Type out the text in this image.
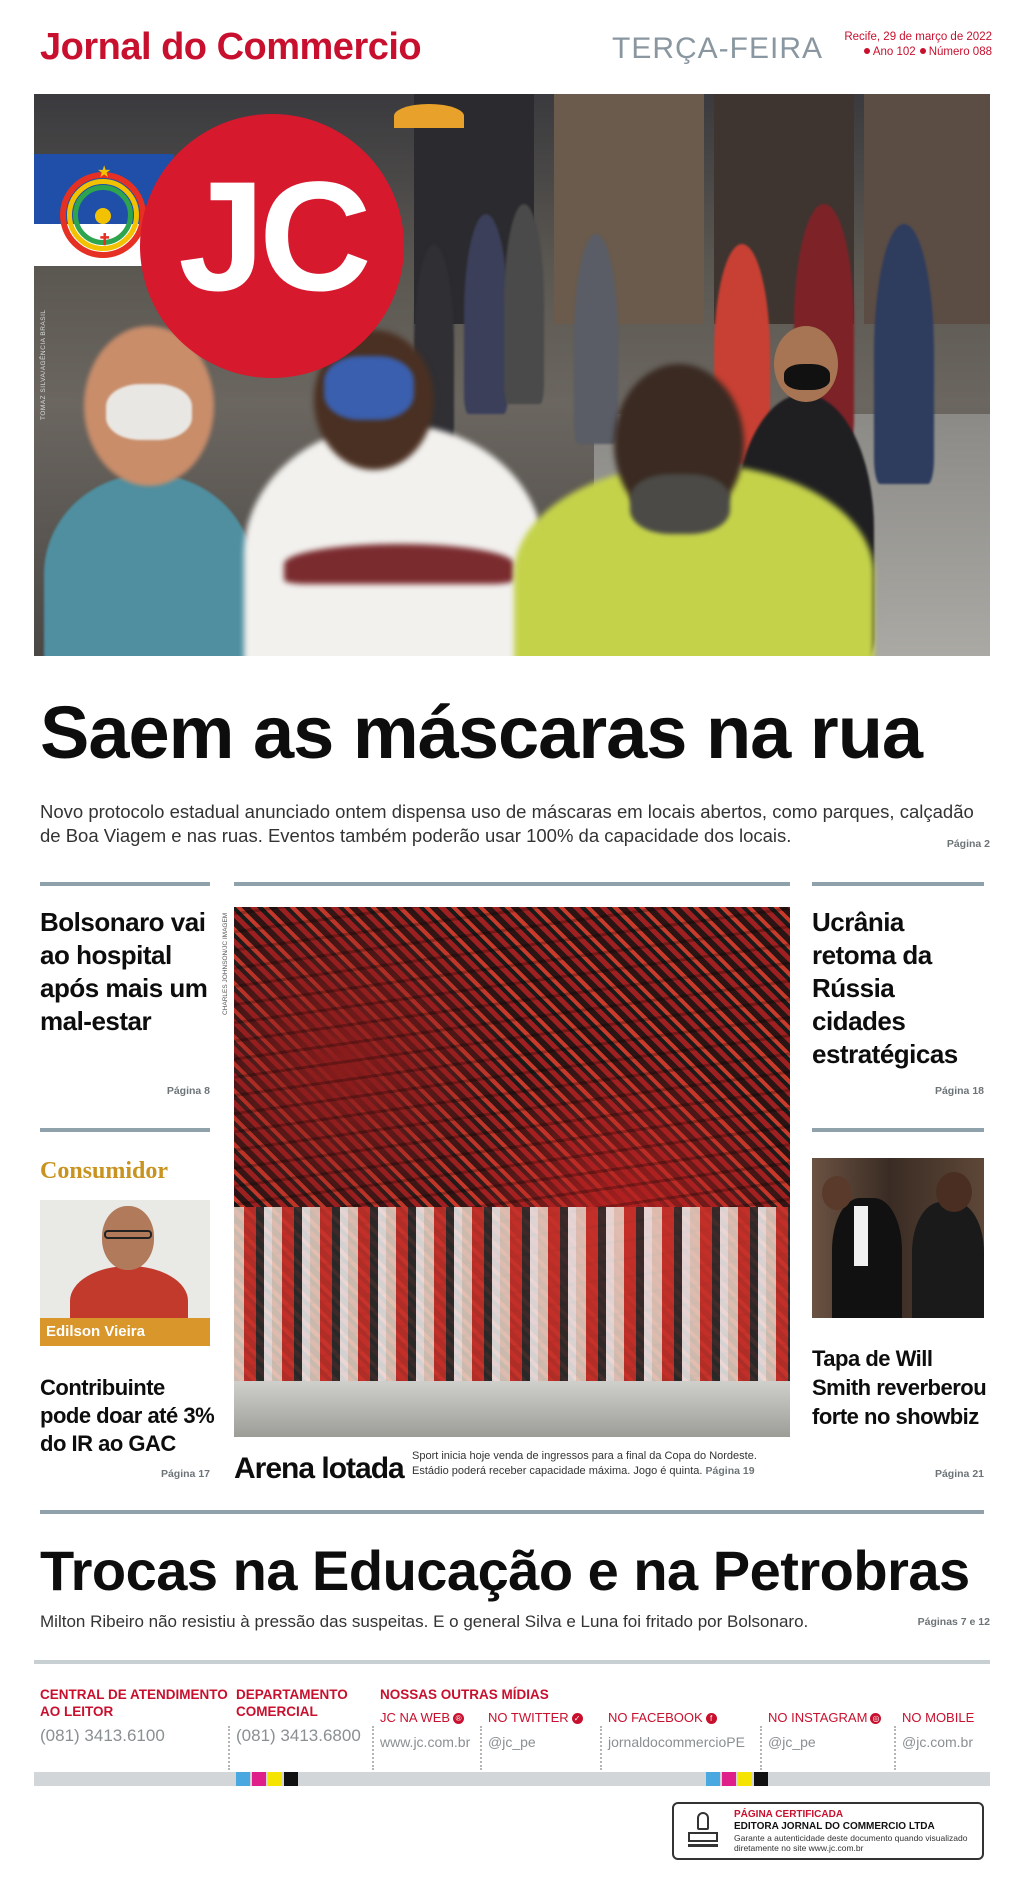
Jornal do Commercio	TERÇA-FEIRA	Recife, 29 de março de 2022
Ano 102 Número 088
TOMAZ SILVA/AGÊNCIA BRASIL
★
✝ JC
Saem as máscaras na rua
Novo protocolo estadual anunciado ontem dispensa uso de máscaras em locais abertos, como parques, calçadão de Boa Viagem e nas ruas. Eventos também poderão usar 100% da capacidade dos locais.	Página 2
Bolsonaro vai ao hospital após mais um mal-estar
Página 8
Consumidor
Edilson Vieira
Contribuinte pode doar até 3% do IR ao GAC
Página 17
CHARLES JOHNSON/JC IMAGEM
Arena lotada Sport inicia hoje venda de ingressos para a final da Copa do Nordeste. Estádio poderá receber capacidade máxima. Jogo é quinta. Página 19
Ucrânia retoma da Rússia cidades estratégicas
Página 18
Tapa de Will Smith reverberou forte no showbiz
Página 21
Trocas na Educação e na Petrobras
Milton Ribeiro não resistiu à pressão das suspeitas. E o general Silva e Luna foi fritado por Bolsonaro.	Páginas 7 e 12
CENTRAL DE ATENDIMENTO AO LEITOR
(081) 3413.6100
DEPARTAMENTO COMERCIAL
(081) 3413.6800
NOSSAS OUTRAS MÍDIAS
JC NA WEB ®
www.jc.com.br
NO TWITTER ✓
@jc_pe
NO FACEBOOK f
jornaldocommercioPE
NO INSTAGRAM ◎
@jc_pe
NO MOBILE
@jc.com.br
PÁGINA CERTIFICADA
EDITORA JORNAL DO COMMERCIO LTDA
Garante a autenticidade deste documento quando visualizado diretamente no site www.jc.com.br
